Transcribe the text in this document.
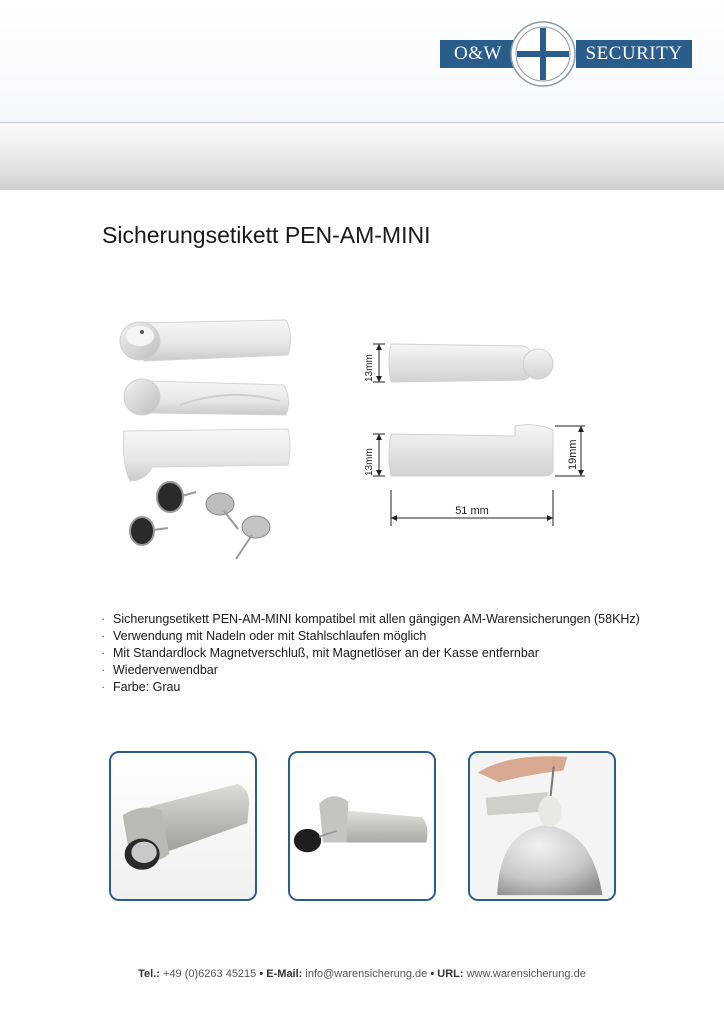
O&W	SECURITY
Sicherungsetikett PEN-AM-MINI
13mm
13mm	19mm
51 mm
· Sicherungsetikett PEN-AM-MINI kompatibel mit allen gängigen AM-Warensicherungen (58KHz)
· Verwendung mit Nadeln oder mit Stahlschlaufen möglich
· Mit Standardlock Magnetverschluß, mit Magnetlöser an der Kasse entfernbar
· Wiederverwendbar
· Farbe: Grau
Tel.: +49 (0)6263 45215 • E-Mail: info@warensicherung.de • URL: www.warensicherung.de
